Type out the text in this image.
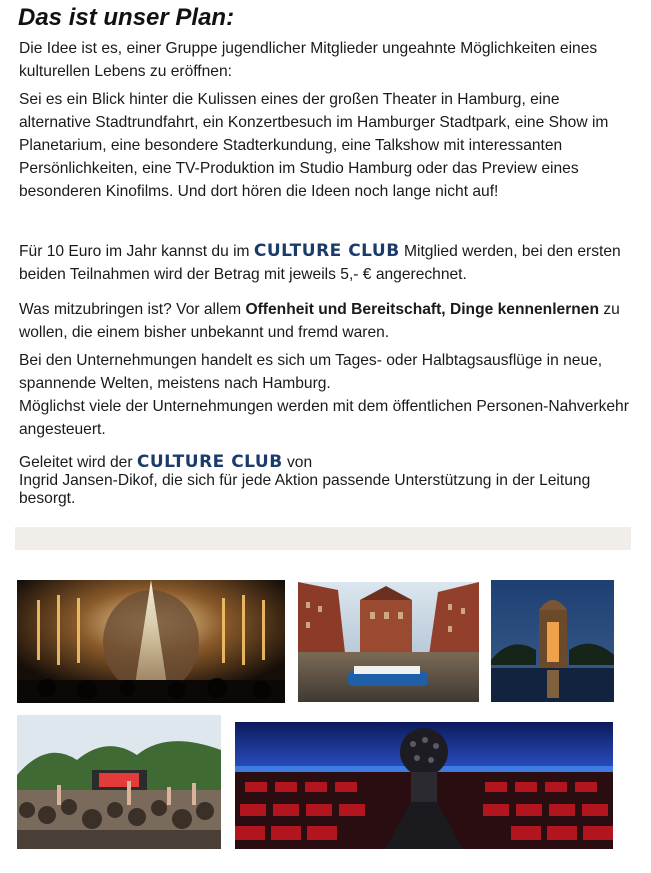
Das ist unser Plan:

Die Idee ist es, einer Gruppe jugendlicher Mitglieder ungeahnte Möglichkeiten eines kulturellen Lebens zu eröffnen:

Sei es ein Blick hinter die Kulissen eines der großen Theater in Hamburg, eine alternative Stadtrundfahrt, ein Konzertbesuch im Hamburger Stadtpark, eine Show im Planetarium, eine besondere Stadterkundung, eine Talkshow mit interessanten Persönlichkeiten, eine TV-Produktion im Studio Hamburg oder das Preview eines besonderen Kinofilms. Und dort hören die Ideen noch lange nicht auf!

Für 10 Euro im Jahr kannst du im CULTURE CLUB Mitglied werden, bei den ersten beiden Teilnahmen wird der Betrag mit jeweils 5,- € angerechnet.

Was mitzubringen ist? Vor allem Offenheit und Bereitschaft, Dinge kennenlernen zu wollen, die einem bisher unbekannt und fremd waren.

Bei den Unternehmungen handelt es sich um Tages- oder Halbtagsausflüge in neue, spannende Welten, meistens nach Hamburg.
Möglichst viele der Unternehmungen werden mit dem öffentlichen Personen-Nahverkehr angesteuert.

Geleitet wird der CULTURE CLUB von
Ingrid Jansen-Dikof, die sich für jede Aktion passende Unterstützung in der Leitung besorgt.
